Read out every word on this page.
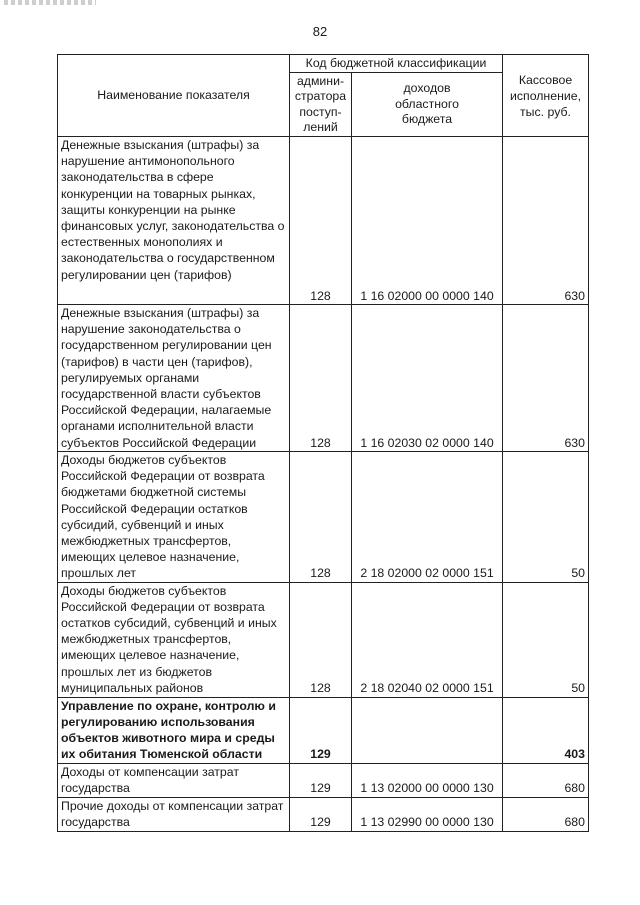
82
Наименование показателя	Код бюджетной классификации		Кассовое
исполнение,
тыс. руб.
	админи-
стратора
поступ-
лений	доходов
областного
бюджета	
Денежные взыскания (штрафы) за нарушение антимонопольного законодательства в сфере конкуренции на товарных рынках, защиты конкуренции на рынке финансовых услуг, законодательства о естественных монополиях и законодательства о государственном регулировании цен (тарифов)	128	1 16 02000 00 0000 140	630
Денежные взыскания (штрафы) за нарушение законодательства о государственном регулировании цен (тарифов) в части цен (тарифов), регулируемых органами государственной власти субъектов Российской Федерации, налагаемые органами исполнительной власти субъектов Российской Федерации	128	1 16 02030 02 0000 140	630
Доходы бюджетов субъектов Российской Федерации от возврата бюджетами бюджетной системы Российской Федерации остатков субсидий, субвенций и иных межбюджетных трансфертов, имеющих целевое назначение, прошлых лет	128	2 18 02000 02 0000 151	50
Доходы бюджетов субъектов Российской Федерации от возврата остатков субсидий, субвенций и иных межбюджетных трансфертов, имеющих целевое назначение, прошлых лет из бюджетов муниципальных районов	128	2 18 02040 02 0000 151	50
Управление по охране, контролю и регулированию использования объектов животного мира и среды их обитания Тюменской области	129		403
Доходы от компенсации затрат государства	129	1 13 02000 00 0000 130	680
Прочие доходы от компенсации затрат государства	129	1 13 02990 00 0000 130	680
